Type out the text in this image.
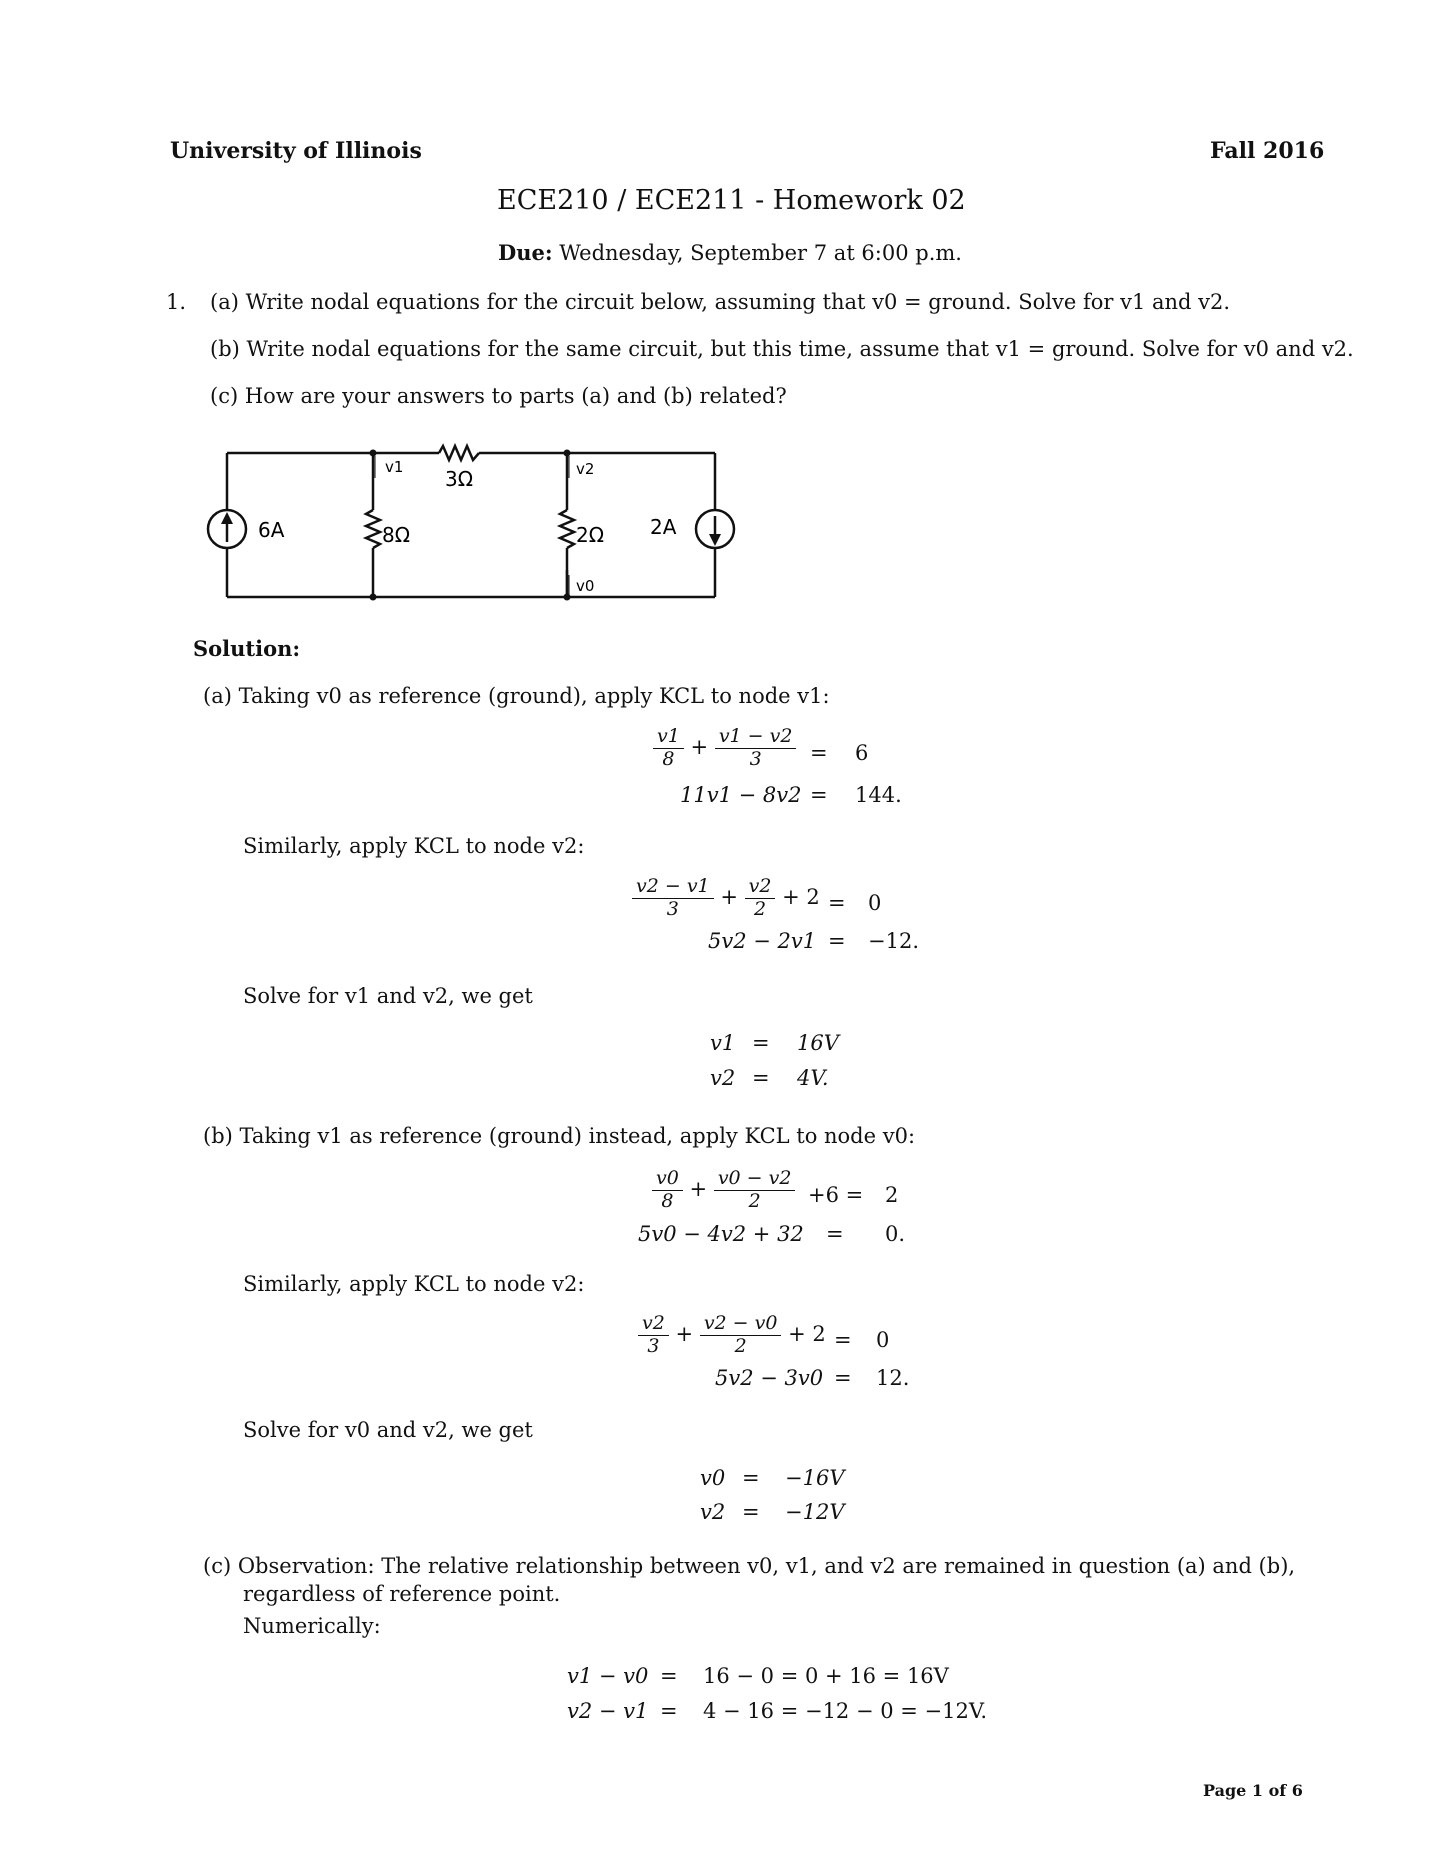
University of Illinois	Fall 2016
ECE210 / ECE211 - Homework 02
Due: Wednesday, September 7 at 6:00 p.m.
1. (a) Write nodal equations for the circuit below, assuming that v0 = ground. Solve for v1 and v2.
(b) Write nodal equations for the same circuit, but this time, assume that v1 = ground. Solve for v0 and v2.
(c) How are your answers to parts (a) and (b) related?
v1	v2
v0
3Ω
8Ω	2Ω
6A	2A
Solution:
(a) Taking v0 as reference (ground), apply KCL to node v1:
$\frac{v1}{8} + \frac{v1 - v2}{3} = 6$
11v1 − 8v2 = 144.
Similarly, apply KCL to node v2:
$\frac{v2 - v1}{3} + \frac{v2}{2} + 2 = 0$
5v2 − 2v1 = −12.
Solve for v1 and v2, we get
v1 = 16V
v2 = 4V.
(b) Taking v1 as reference (ground) instead, apply KCL to node v0:
$\frac{v0}{8} + \frac{v0 - v2}{2} +6 = 2$
5v0 − 4v2 + 32 = 0.
Similarly, apply KCL to node v2:
$\frac{v2}{3} + \frac{v2 - v0}{2} + 2 = 0$
5v2 − 3v0 = 12.
Solve for v0 and v2, we get
v0 = −16V
v2 = −12V
(c) Observation: The relative relationship between v0, v1, and v2 are remained in question (a) and (b),
regardless of reference point.
Numerically:
v1 − v0 = 16 − 0 = 0 + 16 = 16V
v2 − v1 = 4 − 16 = −12 − 0 = −12V.
Page 1 of 6
